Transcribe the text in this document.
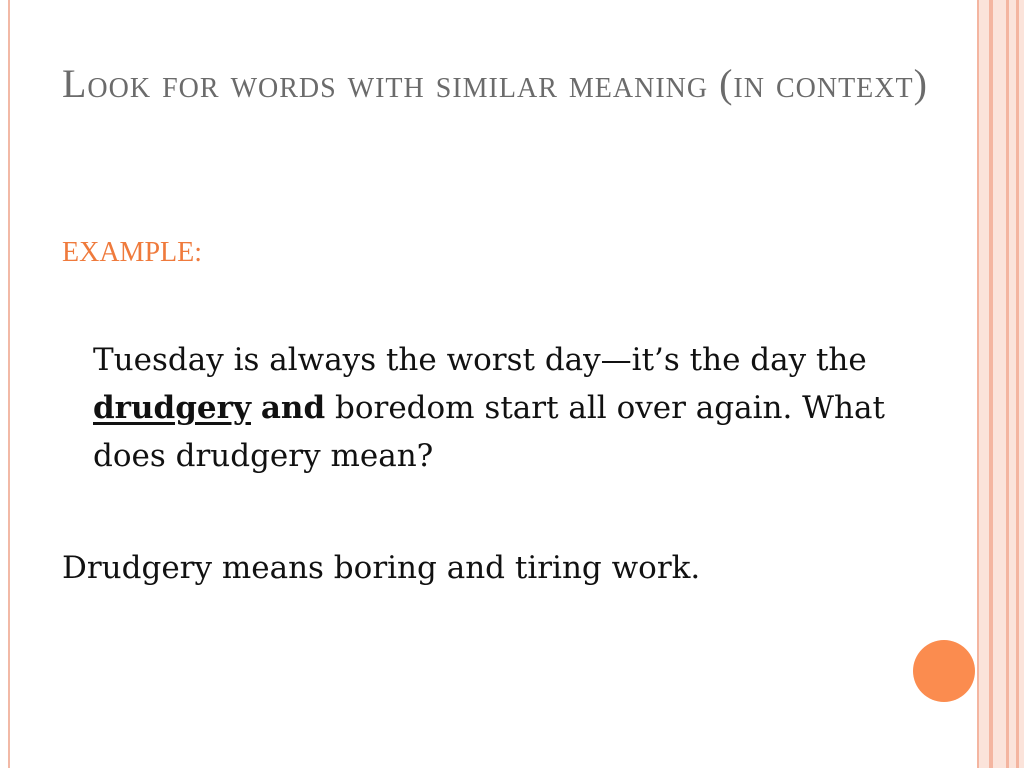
Look for words with similar meaning (in context)

EXAMPLE:

Tuesday is always the worst day—it’s the day the drudgery and boredom start all over again. What does drudgery mean?

Drudgery means boring and tiring work.
